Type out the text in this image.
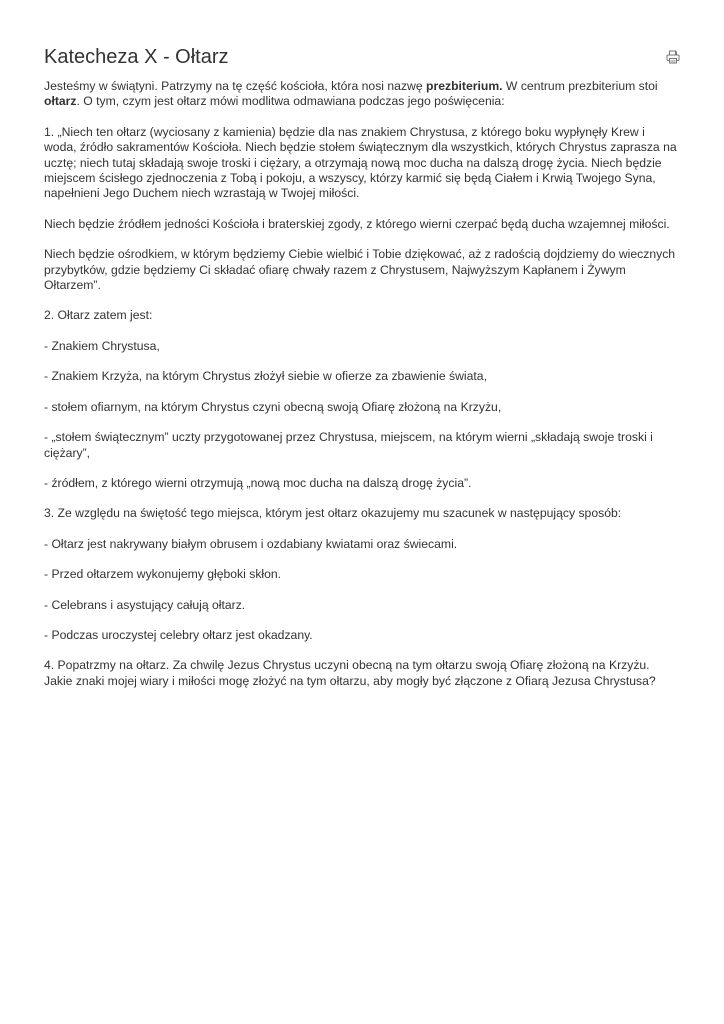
Katecheza X - Ołtarz

Jesteśmy w świątyni. Patrzymy na tę część kościoła, która nosi nazwę prezbiterium. W centrum prezbiterium stoi ołtarz. O tym, czym jest ołtarz mówi modlitwa odmawiana podczas jego poświęcenia:

1. „Niech ten ołtarz (wyciosany z kamienia) będzie dla nas znakiem Chrystusa, z którego boku wypłynęły Krew i woda, źródło sakramentów Kościoła. Niech będzie stołem świątecznym dla wszystkich, których Chrystus zaprasza na ucztę; niech tutaj składają swoje troski i ciężary, a otrzymają nową moc ducha na dalszą drogę życia. Niech będzie miejscem ścisłego zjednoczenia z Tobą i pokoju, a wszyscy, którzy karmić się będą Ciałem i Krwią Twojego Syna, napełnieni Jego Duchem niech wzrastają w Twojej miłości.

Niech będzie źródłem jedności Kościoła i braterskiej zgody, z którego wierni czerpać będą ducha wzajemnej miłości.

Niech będzie ośrodkiem, w którym będziemy Ciebie wielbić i Tobie dziękować, aż z radością dojdziemy do wiecznych przybytków, gdzie będziemy Ci składać ofiarę chwały razem z Chrystusem, Najwyższym Kapłanem i Żywym Ołtarzem”.

2. Ołtarz zatem jest:

- Znakiem Chrystusa,

- Znakiem Krzyża, na którym Chrystus złożył siebie w ofierze za zbawienie świata,

- stołem ofiarnym, na którym Chrystus czyni obecną swoją Ofiarę złożoną na Krzyżu,

- „stołem świątecznym” uczty przygotowanej przez Chrystusa, miejscem, na którym wierni „składają swoje troski i ciężary”,

- źródłem, z którego wierni otrzymują „nową moc ducha na dalszą drogę życia”.

3. Ze względu na świętość tego miejsca, którym jest ołtarz okazujemy mu szacunek w następujący sposób:

- Ołtarz jest nakrywany białym obrusem i ozdabiany kwiatami oraz świecami.

- Przed ołtarzem wykonujemy głęboki skłon.

- Celebrans i asystujący całują ołtarz.

- Podczas uroczystej celebry ołtarz jest okadzany.

4. Popatrzmy na ołtarz. Za chwilę Jezus Chrystus uczyni obecną na tym ołtarzu swoją Ofiarę złożoną na Krzyżu. Jakie znaki mojej wiary i miłości mogę złożyć na tym ołtarzu, aby mogły być złączone z Ofiarą Jezusa Chrystusa?
